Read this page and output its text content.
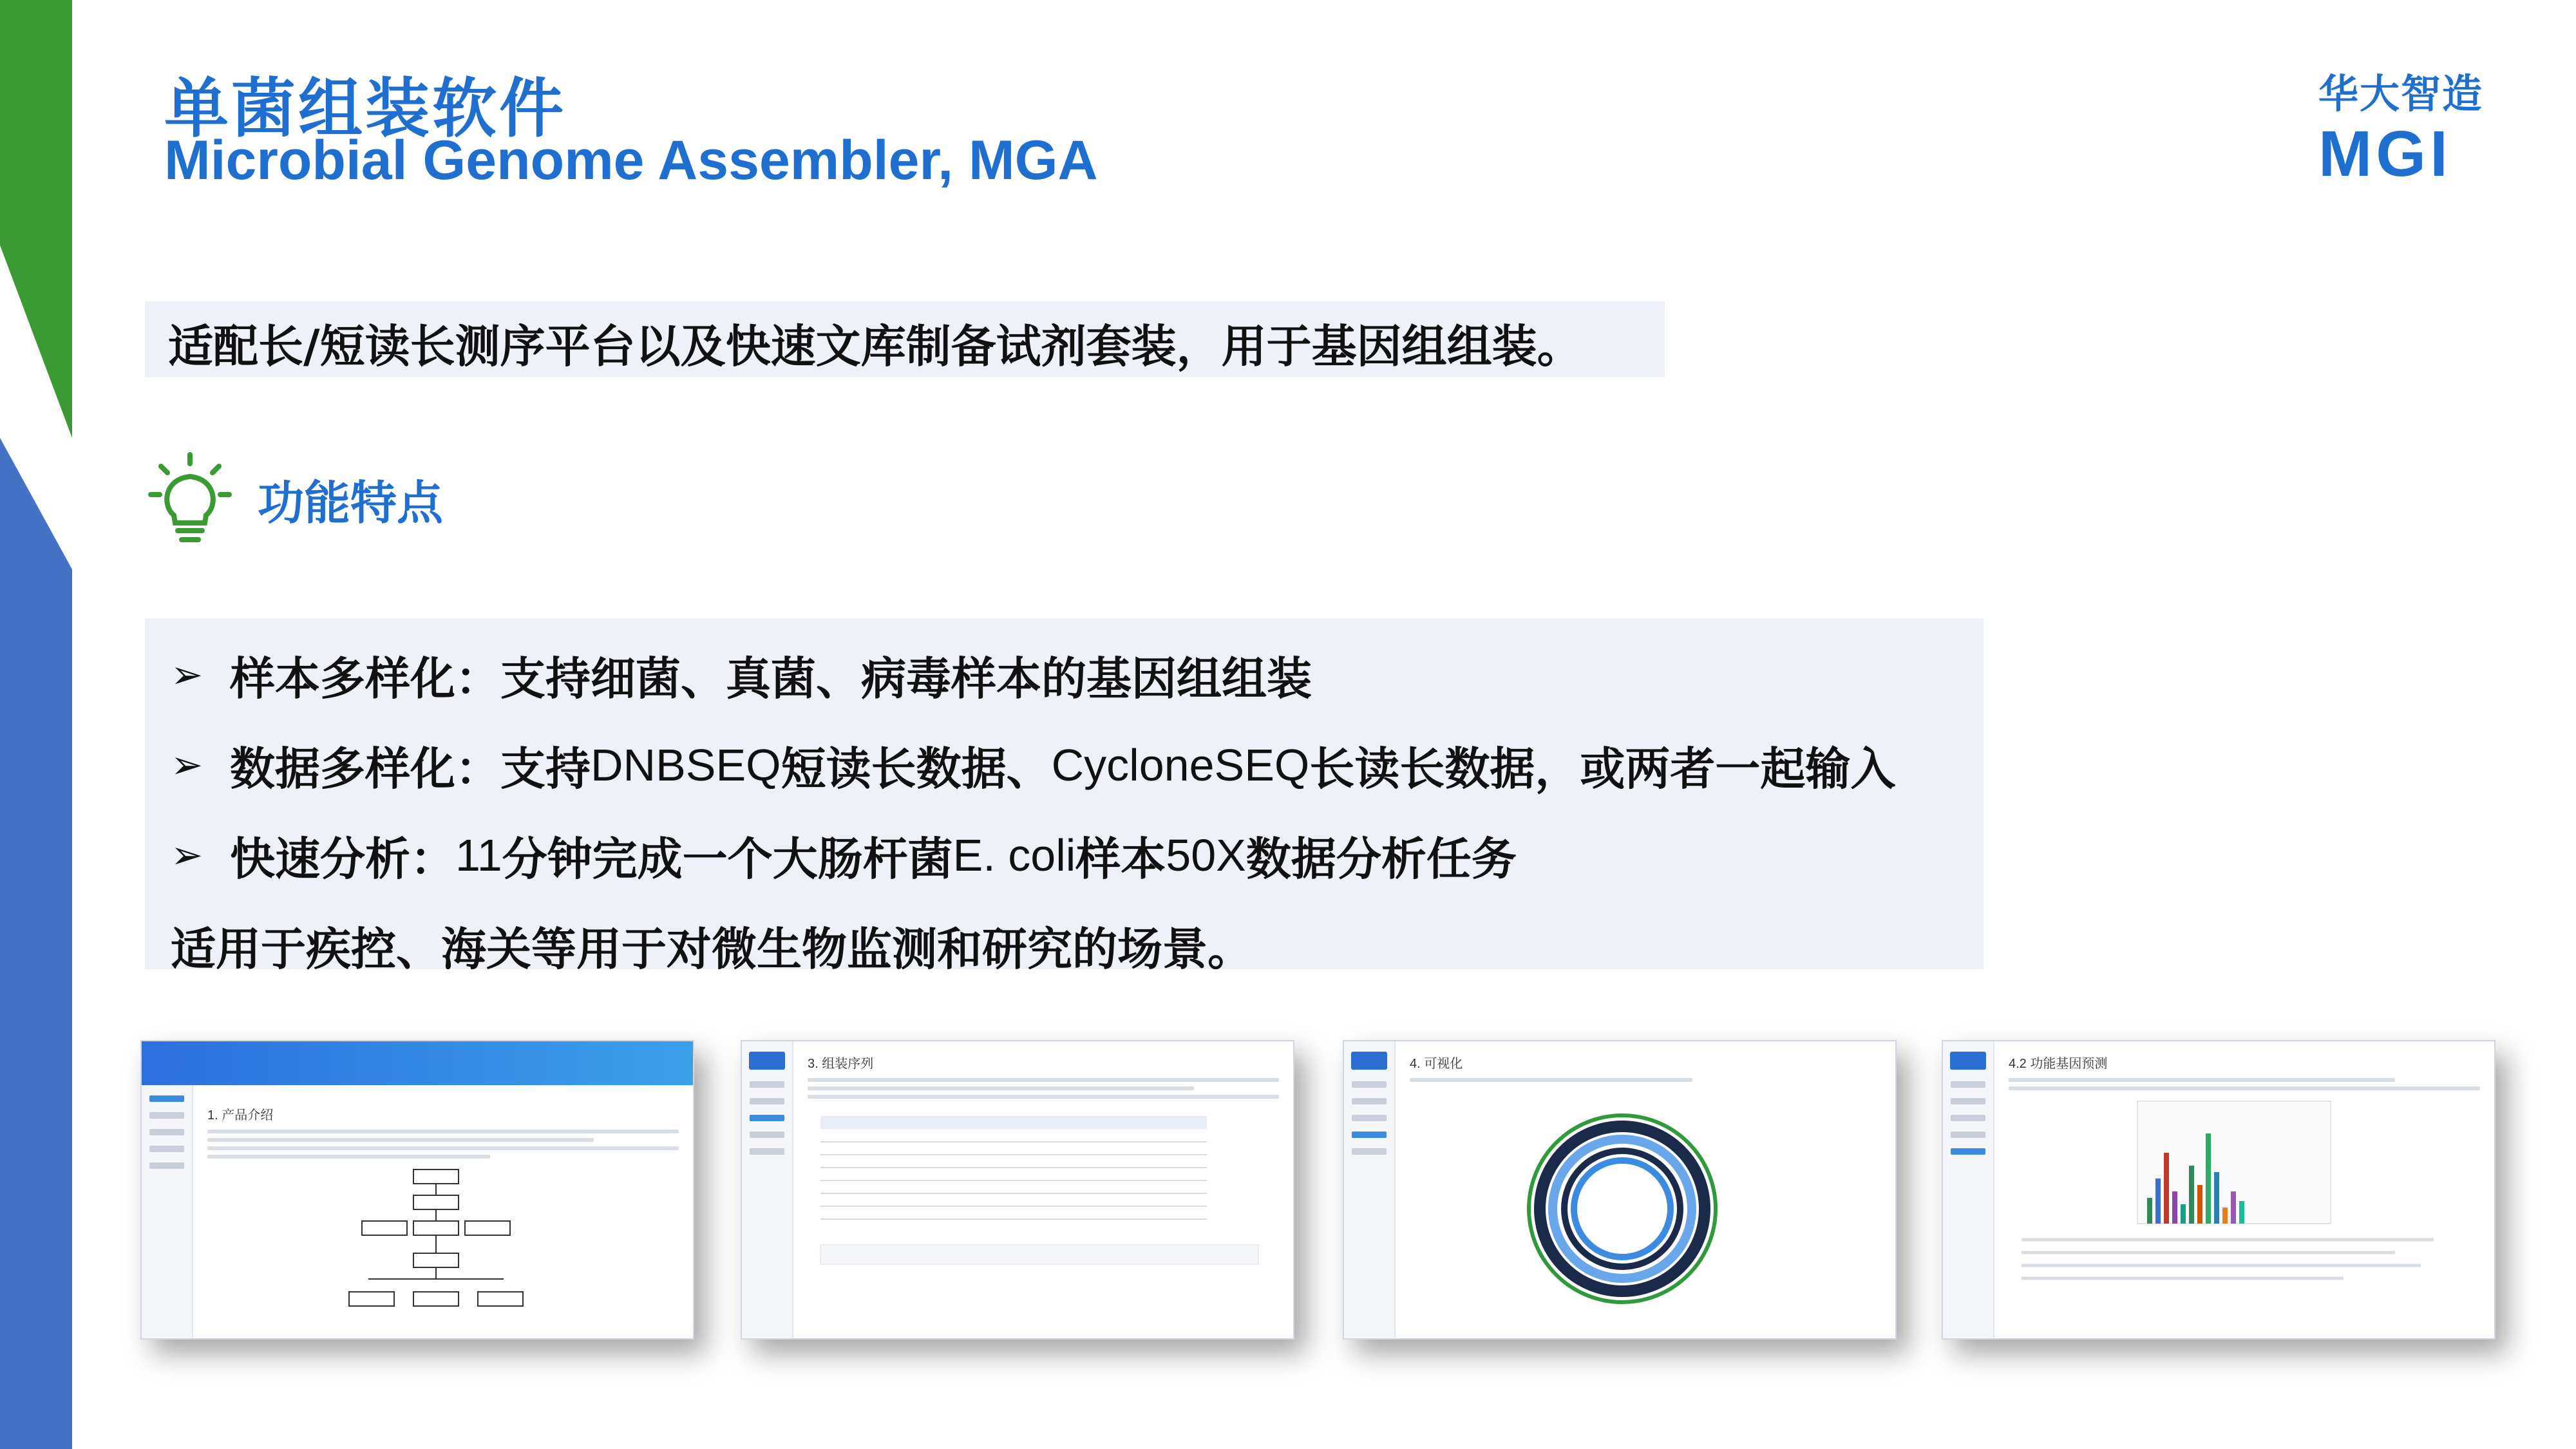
单菌组装软件
Microbial Genome Assembler, MGA
华大智造
MGI
适配长/短读长测序平台以及快速文库制备试剂套装，用于基因组组装。
功能特点
➢ 样本多样化：支持细菌、真菌、病毒样本的基因组组装
➢ 数据多样化：支持 DNBSEQ 短读长数据、 CycloneSEQ 长读长数据，或两者一起输入
➢ 快速分析： 11 分钟完成一个大肠杆菌 E. coli 样本 50X 数据分析任务
适用于疾控、海关等用于对微生物监测和研究的场景。
1. 产品介绍
3. 组装序列	4. 可视化	4.2 功能基因预测
